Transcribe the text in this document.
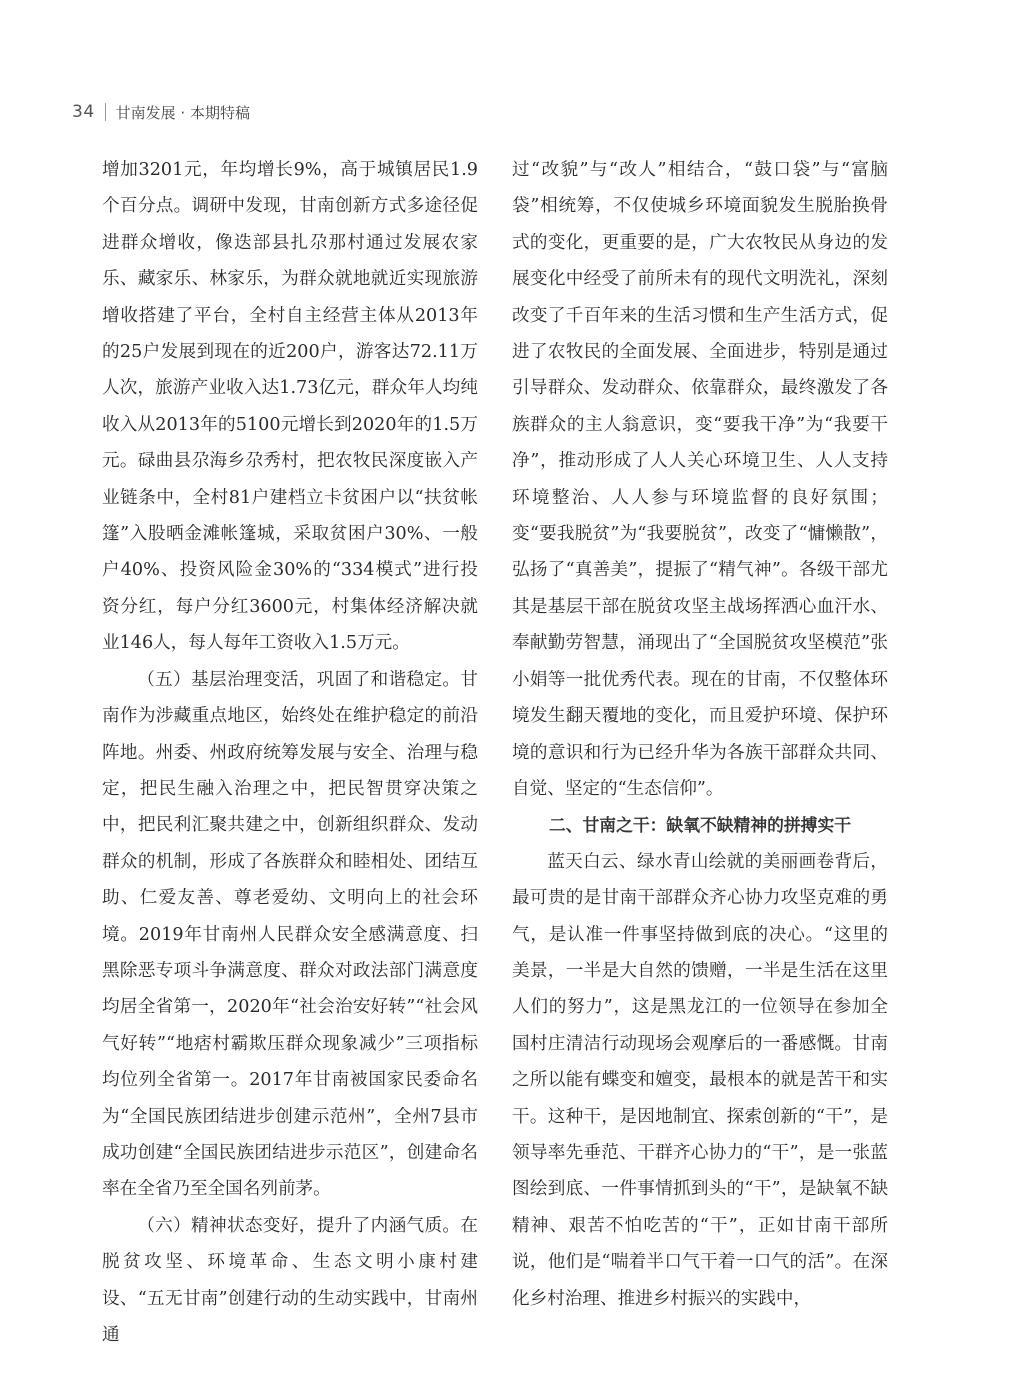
34 甘南发展 · 本期特稿

增加3201元，年均增长9%，高于城镇居民1.9个百分点。调研中发现，甘南创新方式多途径促进群众增收，像迭部县扎尕那村通过发展农家乐、藏家乐、林家乐，为群众就地就近实现旅游增收搭建了平台，全村自主经营主体从2013年的25户发展到现在的近200户，游客达72.11万人次，旅游产业收入达1.73亿元，群众年人均纯收入从2013年的5100元增长到2020年的1.5万元。碌曲县尕海乡尕秀村，把农牧民深度嵌入产业链条中，全村81户建档立卡贫困户以“扶贫帐篷”入股晒金滩帐篷城，采取贫困户30%、一般户40%、投资风险金30%的“334模式”进行投资分红，每户分红3600元，村集体经济解决就业146人，每人每年工资收入1.5万元。

（五）基层治理变活，巩固了和谐稳定。甘南作为涉藏重点地区，始终处在维护稳定的前沿阵地。州委、州政府统筹发展与安全、治理与稳定，把民生融入治理之中，把民智贯穿决策之中，把民利汇聚共建之中，创新组织群众、发动群众的机制，形成了各族群众和睦相处、团结互助、仁爱友善、尊老爱幼、文明向上的社会环境。2019年甘南州人民群众安全感满意度、扫黑除恶专项斗争满意度、群众对政法部门满意度均居全省第一，2020年“社会治安好转”“社会风气好转”“地痞村霸欺压群众现象减少”三项指标均位列全省第一。2017年甘南被国家民委命名为“全国民族团结进步创建示范州”，全州7县市成功创建“全国民族团结进步示范区”，创建命名率在全省乃至全国名列前茅。

（六）精神状态变好，提升了内涵气质。在脱贫攻坚、环境革命、生态文明小康村建设、“五无甘南”创建行动的生动实践中，甘南州通

过“改貌”与“改人”相结合，“鼓口袋”与“富脑袋”相统筹，不仅使城乡环境面貌发生脱胎换骨式的变化，更重要的是，广大农牧民从身边的发展变化中经受了前所未有的现代文明洗礼，深刻改变了千百年来的生活习惯和生产生活方式，促进了农牧民的全面发展、全面进步，特别是通过引导群众、发动群众、依靠群众，最终激发了各族群众的主人翁意识，变“要我干净”为“我要干净”，推动形成了人人关心环境卫生、人人支持环境整治、人人参与环境监督的良好氛围；变“要我脱贫”为“我要脱贫”，改变了“慵懒散”，弘扬了“真善美”，提振了“精气神”。各级干部尤其是基层干部在脱贫攻坚主战场挥洒心血汗水、奉献勤劳智慧，涌现出了“全国脱贫攻坚模范”张小娟等一批优秀代表。现在的甘南，不仅整体环境发生翻天覆地的变化，而且爱护环境、保护环境的意识和行为已经升华为各族干部群众共同、自觉、坚定的“生态信仰”。

二、甘南之干：缺氧不缺精神的拼搏实干

蓝天白云、绿水青山绘就的美丽画卷背后，最可贵的是甘南干部群众齐心协力攻坚克难的勇气，是认准一件事坚持做到底的决心。“这里的美景，一半是大自然的馈赠，一半是生活在这里人们的努力”，这是黑龙江的一位领导在参加全国村庄清洁行动现场会观摩后的一番感慨。甘南之所以能有蝶变和嬗变，最根本的就是苦干和实干。这种干，是因地制宜、探索创新的“干”，是领导率先垂范、干群齐心协力的“干”，是一张蓝图绘到底、一件事情抓到头的“干”，是缺氧不缺精神、艰苦不怕吃苦的“干”，正如甘南干部所说，他们是“喘着半口气干着一口气的活”。在深化乡村治理、推进乡村振兴的实践中，
